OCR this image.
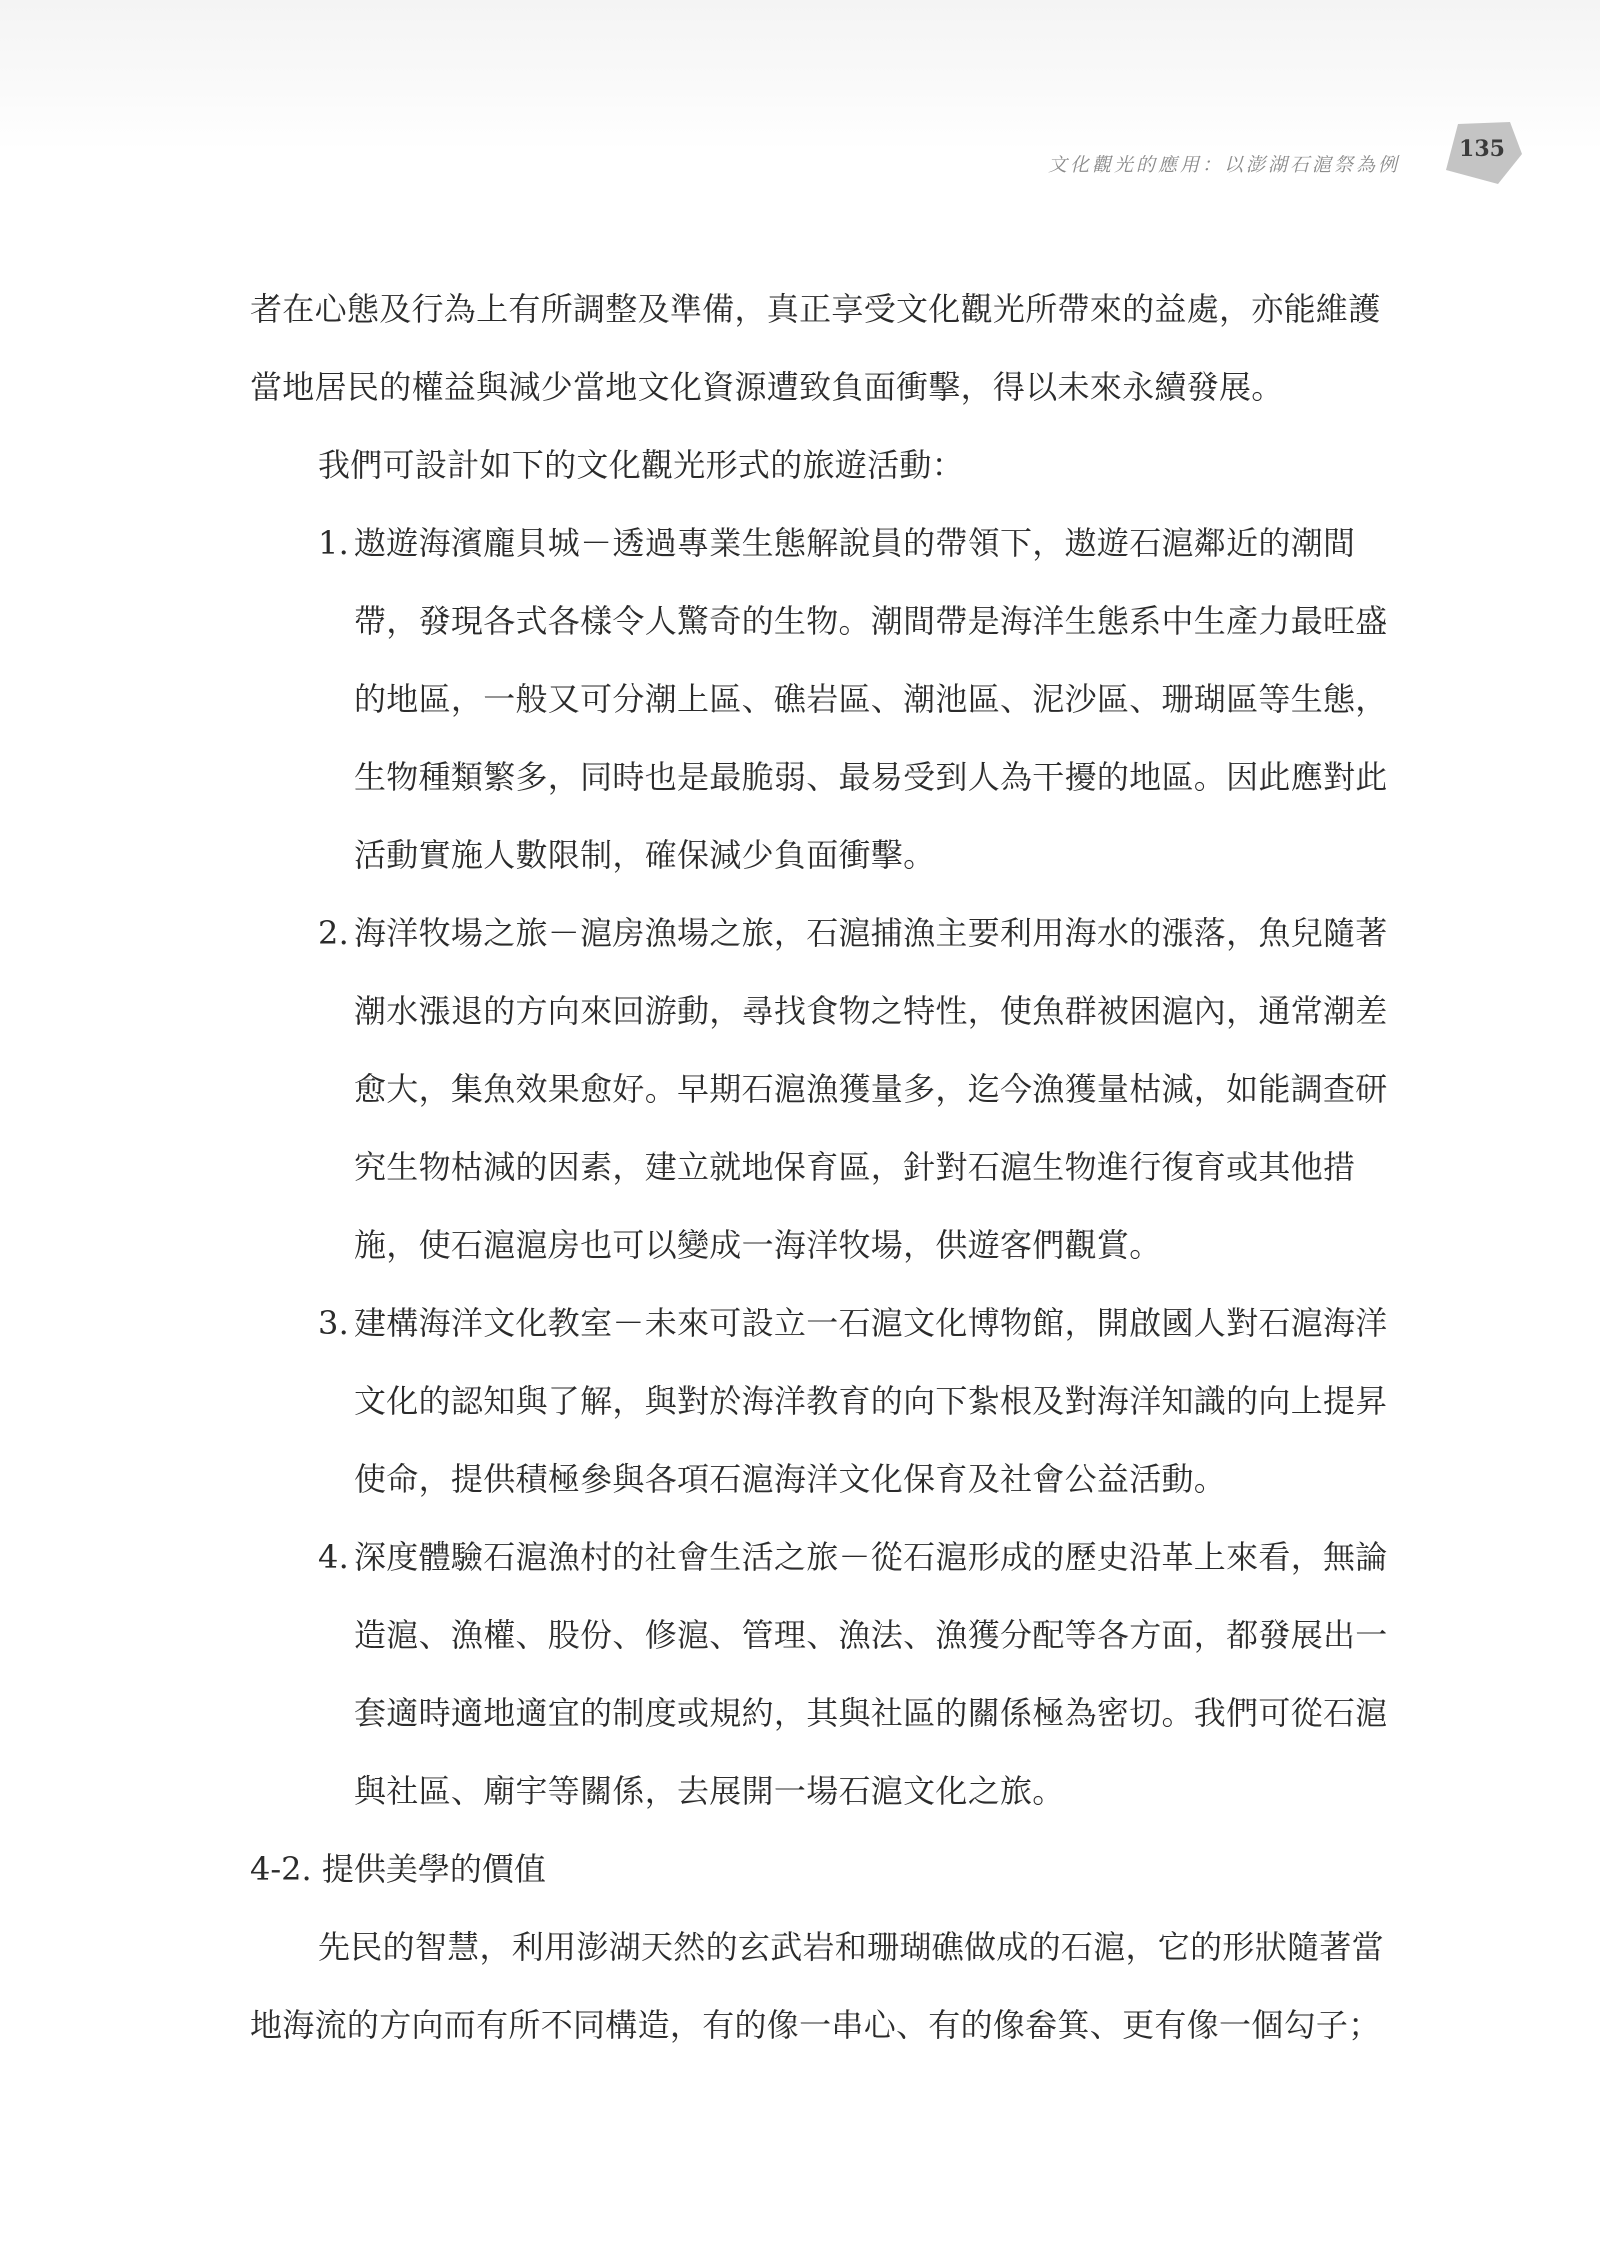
文化觀光的應用：以澎湖石滬祭為例
135
者在心態及行為上有所調整及準備，真正享受文化觀光所帶來的益處，亦能維護
當地居民的權益與減少當地文化資源遭致負面衝擊，得以未來永續發展。
我們可設計如下的文化觀光形式的旅遊活動：
1. 遨遊海濱龐貝城－透過專業生態解說員的帶領下，遨遊石滬鄰近的潮間
帶，發現各式各樣令人驚奇的生物。潮間帶是海洋生態系中生產力最旺盛
的地區，一般又可分潮上區、礁岩區、潮池區、泥沙區、珊瑚區等生態，
生物種類繁多，同時也是最脆弱、最易受到人為干擾的地區。因此應對此
活動實施人數限制，確保減少負面衝擊。
2. 海洋牧場之旅－滬房漁場之旅，石滬捕漁主要利用海水的漲落，魚兒隨著
潮水漲退的方向來回游動，尋找食物之特性，使魚群被困滬內，通常潮差
愈大，集魚效果愈好。早期石滬漁獲量多，迄今漁獲量枯減，如能調查研
究生物枯減的因素，建立就地保育區，針對石滬生物進行復育或其他措
施，使石滬滬房也可以變成一海洋牧場，供遊客們觀賞。
3. 建構海洋文化教室－未來可設立一石滬文化博物館，開啟國人對石滬海洋
文化的認知與了解，與對於海洋教育的向下紮根及對海洋知識的向上提昇
使命，提供積極參與各項石滬海洋文化保育及社會公益活動。
4. 深度體驗石滬漁村的社會生活之旅－從石滬形成的歷史沿革上來看，無論
造滬、漁權、股份、修滬、管理、漁法、漁獲分配等各方面，都發展出一
套適時適地適宜的制度或規約，其與社區的關係極為密切。我們可從石滬
與社區、廟宇等關係，去展開一場石滬文化之旅。
4-2. 提供美學的價值
先民的智慧，利用澎湖天然的玄武岩和珊瑚礁做成的石滬，它的形狀隨著當
地海流的方向而有所不同構造，有的像一串心、有的像畚箕、更有像一個勾子；
